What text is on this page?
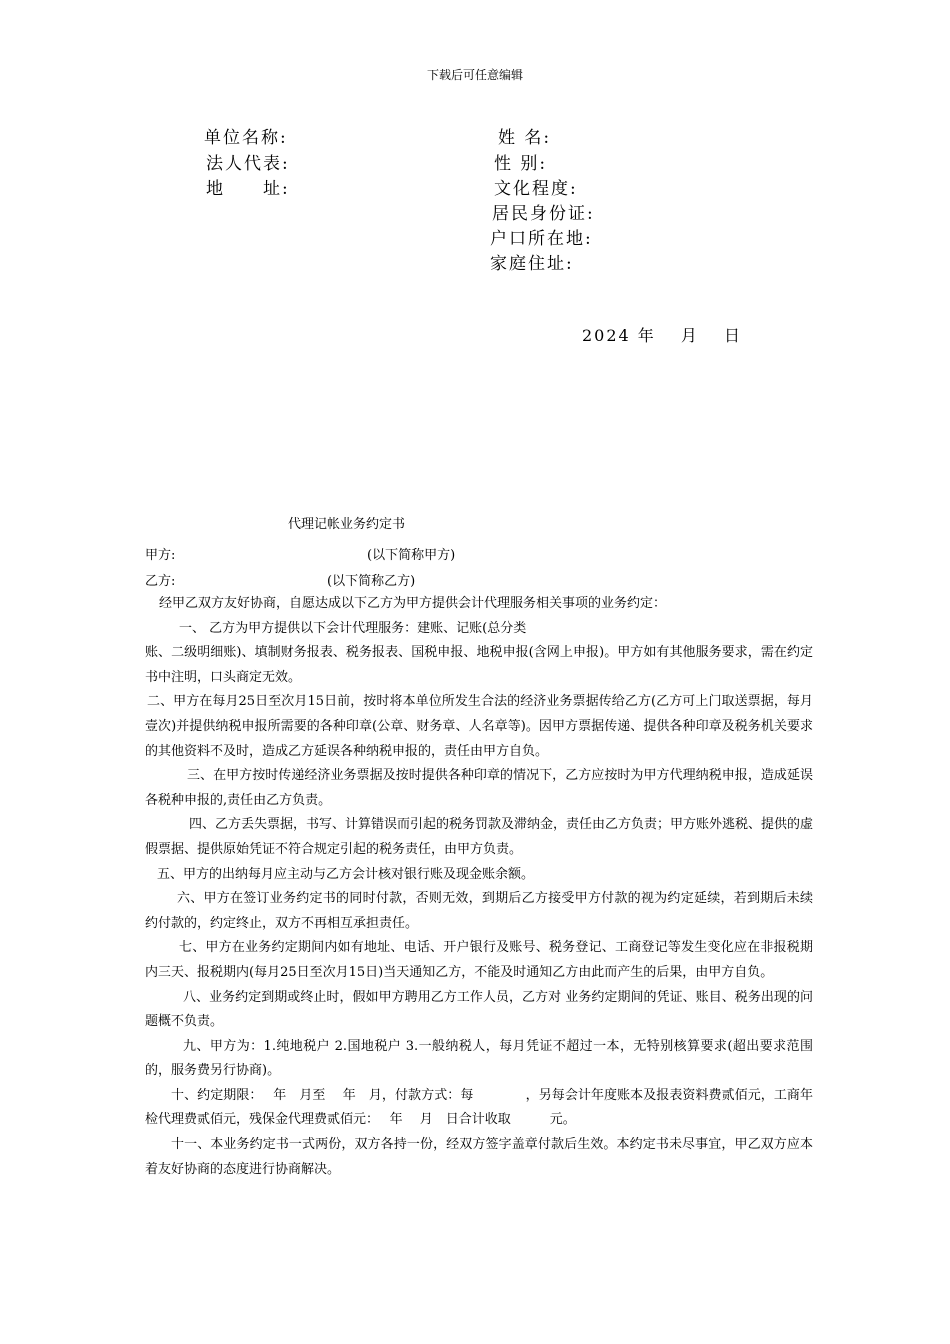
下载后可任意编辑
单位名称:
法人代表:
地　　址:
姓 名:
性 别:
文化程度:
居民身份证:
户口所在地:
家庭住址:
2024 年　 月　 日
代理记帐业务约定书
甲方:	(以下简称甲方)
乙方:	(以下简称乙方)

经甲乙双方友好协商，自愿达成以下乙方为甲方提供会计代理服务相关事项的业务约定：

一、 乙方为甲方提供以下会计代理服务：建账、记账(总分类

账、二级明细账)、填制财务报表、税务报表、国税申报、地税申报(含网上申报)。甲方如有其他服务要求，需在约定书中注明，口头商定无效。

二、甲方在每月25日至次月15日前，按时将本单位所发生合法的经济业务票据传给乙方(乙方可上门取送票据，每月壹次)并提供纳税申报所需要的各种印章(公章、财务章、人名章等)。因甲方票据传递、提供各种印章及税务机关要求的其他资料不及时，造成乙方延误各种纳税申报的，责任由甲方自负。

三、在甲方按时传递经济业务票据及按时提供各种印章的情况下，乙方应按时为甲方代理纳税申报，造成延误各税种申报的,责任由乙方负责。

四、乙方丢失票据，书写、计算错误而引起的税务罚款及滞纳金，责任由乙方负责；甲方账外逃税、提供的虚假票据、提供原始凭证不符合规定引起的税务责任，由甲方负责。

五、甲方的出纳每月应主动与乙方会计核对银行账及现金账余额。

六、甲方在签订业务约定书的同时付款，否则无效，到期后乙方接受甲方付款的视为约定延续，若到期后未续约付款的，约定终止，双方不再相互承担责任。

七、甲方在业务约定期间内如有地址、电话、开户银行及账号、税务登记、工商登记等发生变化应在非报税期内三天、报税期内(每月25日至次月15日)当天通知乙方，不能及时通知乙方由此而产生的后果，由甲方自负。

八、业务约定到期或终止时，假如甲方聘用乙方工作人员，乙方对 业务约定期间的凭证、账目、税务出现的问题概不负责。

九、甲方为：1.纯地税户 2.国地税户 3.一般纳税人，每月凭证不超过一本，无特别核算要求(超出要求范围的，服务费另行协商)。

十、约定期限：　 年　月至　 年　月，付款方式：每　　　　，另每会计年度账本及报表资料费贰佰元，工商年检代理费贰佰元，残保金代理费贰佰元：　 年　 月　日合计收取　　　元。

十一、本业务约定书一式两份，双方各持一份，经双方签字盖章付款后生效。本约定书未尽事宜，甲乙双方应本着友好协商的态度进行协商解决。
